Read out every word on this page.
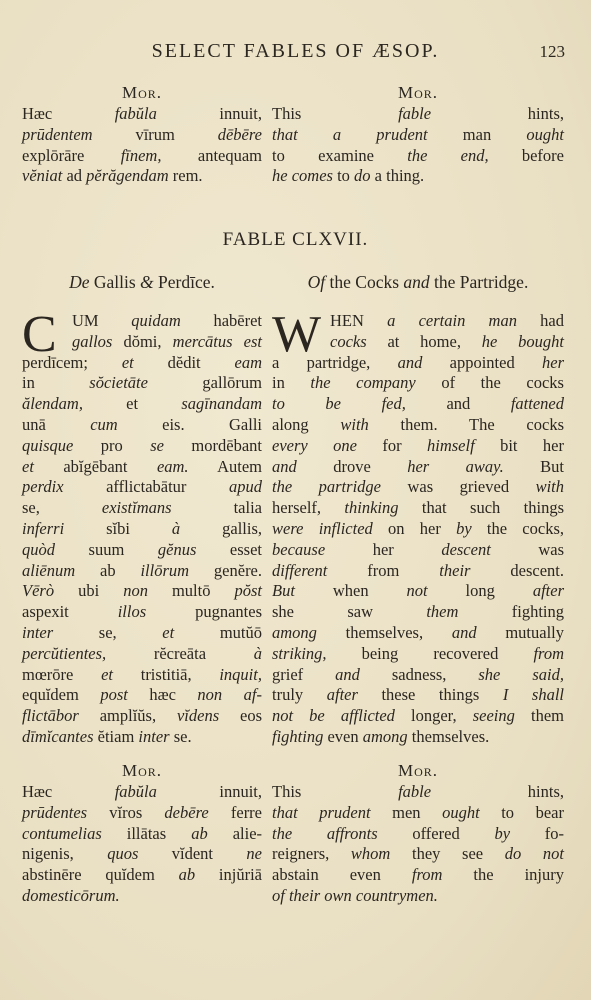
SELECT FABLES OF ÆSOP.	123
Mor.
Hæc fabŭla innuit,
prūdentem vīrum dēbēre
explōrāre fīnem, antequam
vĕniat ad pĕrăgendam rem.
Mor.
This fable hints,
that a prudent man ought
to examine the end, before
he comes to do a thing.
FABLE CLXVII.
De Gallis & Perdīce.	Of the Cocks and the Partridge.
C UM quidam habēret
gallos dŏmi, mercātus est
perdīcem; et dĕdit eam
in sŏcietāte gallōrum
ălendam, et sagīnandam
unā cum eis. Galli
quisque pro se mordēbant
et abĭgēbant eam. Autem
perdix afflictabātur apud
se, existĭmans talia
inferri sĭbi à gallis,
quòd suum gĕnus esset
aliēnum ab illōrum genĕre.
Vērò ubi non multō pŏst
aspexit illos pugnantes
inter se, et mutŭō
percŭtientes, rĕcreāta à
mœrōre et tristitiā, inquit,
equĭdem post hæc non af-
flictābor amplĭŭs, vĭdens eos
dīmĭcantes ĕtiam inter se.
W HEN a certain man had
cocks at home, he bought
a partridge, and appointed her
in the company of the cocks
to be fed, and fattened
along with them. The cocks
every one for himself bit her
and drove her away. But
the partridge was grieved with
herself, thinking that such things
were inflicted on her by the cocks,
because her descent was
different from their descent.
But when not long after
she saw them fighting
among themselves, and mutually
striking, being recovered from
grief and sadness, she said,
truly after these things I shall
not be afflicted longer, seeing them
fighting even among themselves.
Mor.
Hæc fabŭla innuit,
prūdentes vĭros debēre ferre
contumelias illātas ab alie-
nigenis, quos vĭdent ne
abstinēre quĭdem ab injŭriā
domesticōrum.
Mor.
This fable hints,
that prudent men ought to bear
the affronts offered by fo-
reigners, whom they see do not
abstain even from the injury
of their own countrymen.
